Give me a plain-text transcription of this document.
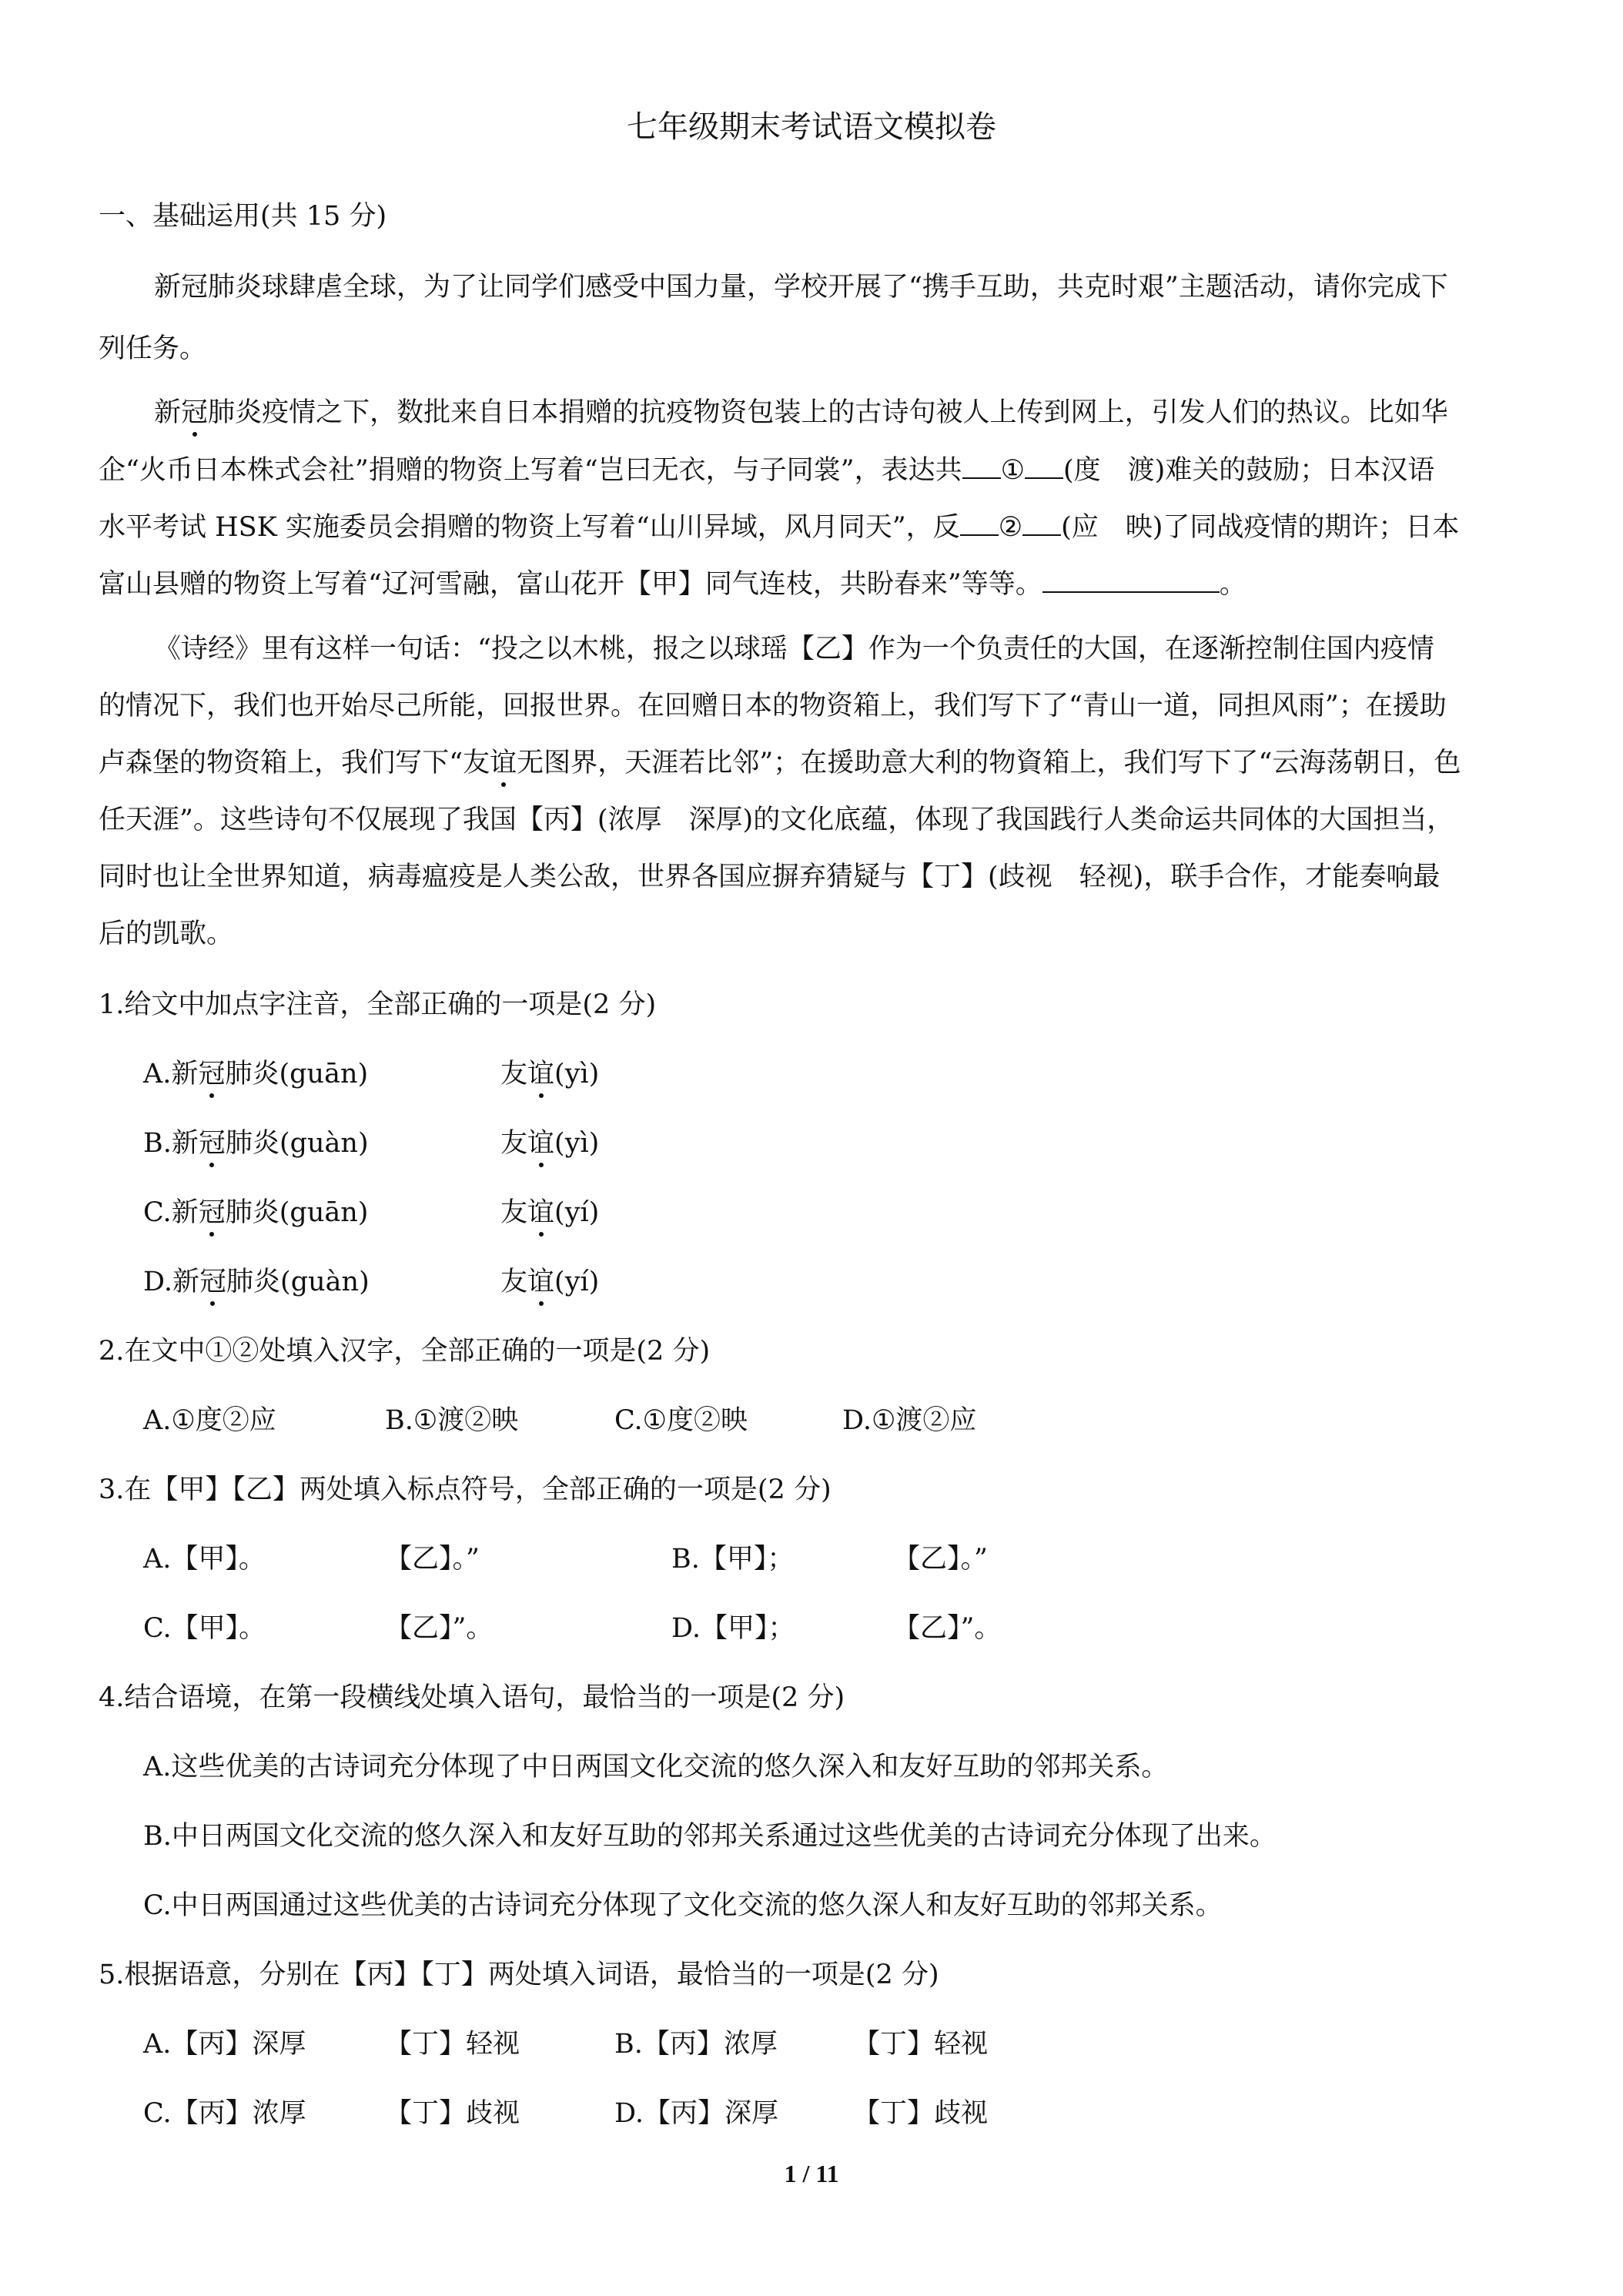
七年级期末考试语文模拟卷
一、基础运用(共 15 分)
新冠肺炎球肆虐全球，为了让同学们感受中国力量，学校开展了“携手互助，共克时艰”主题活动，请你完成下
列任务。
新冠肺炎疫情之下，数批来自日本捐赠的抗疫物资包装上的古诗句被人上传到网上，引发人们的热议。比如华
企“火币日本株式会社”捐赠的物资上写着“岂曰无衣，与子同裳”，表达共 ① (度　渡)难关的鼓励；日本汉语
水平考试 HSK 实施委员会捐赠的物资上写着“山川异域，风月同天”，反 ② (应　映)了同战疫情的期许；日本
富山县赠的物资上写着“辽河雪融，富山花开【甲】同气连枝，共盼春来”等等。	。
《诗经》里有这样一句话：“投之以木桃，报之以球瑶【乙】作为一个负责任的大国，在逐渐控制住国内疫情
的情况下，我们也开始尽己所能，回报世界。在回赠日本的物资箱上，我们写下了“青山一道，同担风雨”；在援助
卢森堡的物资箱上，我们写下“友谊无图界，天涯若比邻”；在援助意大利的物資箱上，我们写下了“云海荡朝日，色
任天涯”。这些诗句不仅展现了我国【丙】(浓厚　深厚)的文化底蕴，体现了我国践行人类命运共同体的大国担当，
同时也让全世界知道，病毒瘟疫是人类公敌，世界各国应摒弃猜疑与【丁】(歧视　轻视)，联手合作，才能奏响最
后的凯歌。
1.给文中加点字注音，全部正确的一项是(2 分)
A.新冠肺炎(guān)	友谊(yì)
B.新冠肺炎(guàn)	友谊(yì)
C.新冠肺炎(guān)	友谊(yí)
D.新冠肺炎(guàn)	友谊(yí)
2.在文中①②处填入汉字，全部正确的一项是(2 分)
A.①度②应	B.①渡②映	C.①度②映	D.①渡②应
3.在【甲】【乙】两处填入标点符号，全部正确的一项是(2 分)
A.【甲】。	【乙】。”	B.【甲】；	【乙】。”
C.【甲】。	【乙】”。	D.【甲】；	【乙】”。
4.结合语境，在第一段横线处填入语句，最恰当的一项是(2 分)
A.这些优美的古诗词充分体现了中日两国文化交流的悠久深入和友好互助的邻邦关系。
B.中日两国文化交流的悠久深入和友好互助的邻邦关系通过这些优美的古诗词充分体现了出来。
C.中日两国通过这些优美的古诗词充分体现了文化交流的悠久深人和友好互助的邻邦关系。
5.根据语意，分别在【丙】【丁】两处填入词语，最恰当的一项是(2 分)
A.【丙】深厚	【丁】轻视	B.【丙】浓厚	【丁】轻视
C.【丙】浓厚	【丁】歧视	D.【丙】深厚	【丁】歧视
1 / 11
